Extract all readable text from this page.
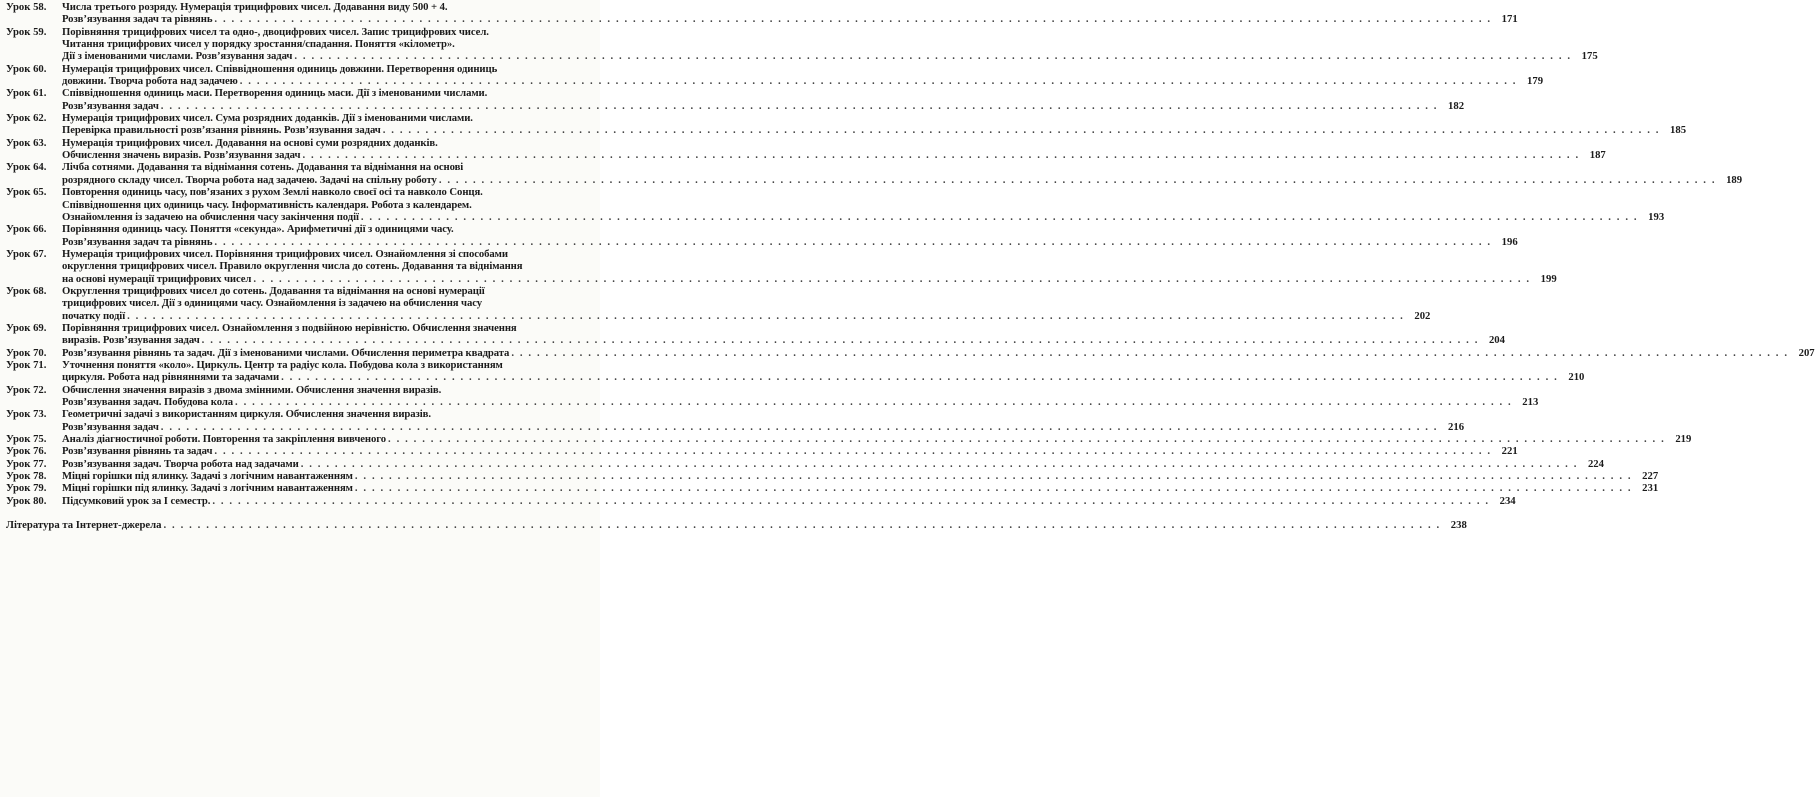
Урок 58.	Числа третього розряду. Нумерація трицифрових чисел. Додавання виду 500 + 4.
Розв’язування задач та рівнянь . . . . . . . . . . . . . . . . . . . . . . . . . . . . . . . . . . . . . . . . . . . . . . . . . . . . . . . . . . . . . . . . . . . . . . . . . . . . . . . . . . . . . . . . . . . . . . . . . . . . . . . . . . . . . . . . . . . . . . . . . . . . . . . . . . . . . . . . . . . . . . . . . . . . . . 171
Урок 59.	Порівняння трицифрових чисел та одно-, двоцифрових чисел. Запис трицифрових чисел.
Читання трицифрових чисел у порядку зростання/спадання. Поняття «кілометр».
Дії з іменованими числами. Розв’язування задач . . . . . . . . . . . . . . . . . . . . . . . . . . . . . . . . . . . . . . . . . . . . . . . . . . . . . . . . . . . . . . . . . . . . . . . . . . . . . . . . . . . . . . . . . . . . . . . . . . . . . . . . . . . . . . . . . . . . . . . . . . . . . . . . . . . . . . . . . . . . . . . . . . . . . . 175
Урок 60.	Нумерація трицифрових чисел. Співвідношення одиниць довжини. Перетворення одиниць
довжини. Творча робота над задачею . . . . . . . . . . . . . . . . . . . . . . . . . . . . . . . . . . . . . . . . . . . . . . . . . . . . . . . . . . . . . . . . . . . . . . . . . . . . . . . . . . . . . . . . . . . . . . . . . . . . . . . . . . . . . . . . . . . . . . . . . . . . . . . . . . . . . . . . . . . . . . . . . . . . . . 179
Урок 61.	Співвідношення одиниць маси. Перетворення одиниць маси. Дії з іменованими числами.
Розв’язування задач . . . . . . . . . . . . . . . . . . . . . . . . . . . . . . . . . . . . . . . . . . . . . . . . . . . . . . . . . . . . . . . . . . . . . . . . . . . . . . . . . . . . . . . . . . . . . . . . . . . . . . . . . . . . . . . . . . . . . . . . . . . . . . . . . . . . . . . . . . . . . . . . . . . . . . 182
Урок 62.	Нумерація трицифрових чисел. Сума розрядних доданків. Дії з іменованими числами.
Перевірка правильності розв’язання рівнянь. Розв’язування задач . . . . . . . . . . . . . . . . . . . . . . . . . . . . . . . . . . . . . . . . . . . . . . . . . . . . . . . . . . . . . . . . . . . . . . . . . . . . . . . . . . . . . . . . . . . . . . . . . . . . . . . . . . . . . . . . . . . . . . . . . . . . . . . . . . . . . . . . . . . . . . . . . . . . . . 185
Урок 63.	Нумерація трицифрових чисел. Додавання на основі суми розрядних доданків.
Обчислення значень виразів. Розв’язування задач . . . . . . . . . . . . . . . . . . . . . . . . . . . . . . . . . . . . . . . . . . . . . . . . . . . . . . . . . . . . . . . . . . . . . . . . . . . . . . . . . . . . . . . . . . . . . . . . . . . . . . . . . . . . . . . . . . . . . . . . . . . . . . . . . . . . . . . . . . . . . . . . . . . . . . 187
Урок 64.	Лічба сотнями. Додавання та віднімання сотень. Додавання та віднімання на основі
розрядного складу чисел. Творча робота над задачею. Задачі на спільну роботу . . . . . . . . . . . . . . . . . . . . . . . . . . . . . . . . . . . . . . . . . . . . . . . . . . . . . . . . . . . . . . . . . . . . . . . . . . . . . . . . . . . . . . . . . . . . . . . . . . . . . . . . . . . . . . . . . . . . . . . . . . . . . . . . . . . . . . . . . . . . . . . . . . . . . . 189
Урок 65.	Повторення одиниць часу, пов’язаних з рухом Землі навколо своєї осі та навколо Сонця.
Співвідношення цих одиниць часу. Інформативність календаря. Робота з календарем.
Ознайомлення із задачею на обчислення часу закінчення події . . . . . . . . . . . . . . . . . . . . . . . . . . . . . . . . . . . . . . . . . . . . . . . . . . . . . . . . . . . . . . . . . . . . . . . . . . . . . . . . . . . . . . . . . . . . . . . . . . . . . . . . . . . . . . . . . . . . . . . . . . . . . . . . . . . . . . . . . . . . . . . . . . . . . . 193
Урок 66.	Порівняння одиниць часу. Поняття «секунда». Арифметичні дії з одиницями часу.
Розв’язування задач та рівнянь . . . . . . . . . . . . . . . . . . . . . . . . . . . . . . . . . . . . . . . . . . . . . . . . . . . . . . . . . . . . . . . . . . . . . . . . . . . . . . . . . . . . . . . . . . . . . . . . . . . . . . . . . . . . . . . . . . . . . . . . . . . . . . . . . . . . . . . . . . . . . . . . . . . . . . 196
Урок 67.	Нумерація трицифрових чисел. Порівняння трицифрових чисел. Ознайомлення зі способами
округлення трицифрових чисел. Правило округлення числа до сотень. Додавання та віднімання
на основі нумерації трицифрових чисел . . . . . . . . . . . . . . . . . . . . . . . . . . . . . . . . . . . . . . . . . . . . . . . . . . . . . . . . . . . . . . . . . . . . . . . . . . . . . . . . . . . . . . . . . . . . . . . . . . . . . . . . . . . . . . . . . . . . . . . . . . . . . . . . . . . . . . . . . . . . . . . . . . . . . . 199
Урок 68.	Округлення трицифрових чисел до сотень. Додавання та віднімання на основі нумерації
трицифрових чисел. Дії з одиницями часу. Ознайомлення із задачею на обчислення часу
початку події . . . . . . . . . . . . . . . . . . . . . . . . . . . . . . . . . . . . . . . . . . . . . . . . . . . . . . . . . . . . . . . . . . . . . . . . . . . . . . . . . . . . . . . . . . . . . . . . . . . . . . . . . . . . . . . . . . . . . . . . . . . . . . . . . . . . . . . . . . . . . . . . . . . . . . 202
Урок 69.	Порівняння трицифрових чисел. Ознайомлення з подвійною нерівністю. Обчислення значення
виразів. Розв’язування задач . . . . . . . . . . . . . . . . . . . . . . . . . . . . . . . . . . . . . . . . . . . . . . . . . . . . . . . . . . . . . . . . . . . . . . . . . . . . . . . . . . . . . . . . . . . . . . . . . . . . . . . . . . . . . . . . . . . . . . . . . . . . . . . . . . . . . . . . . . . . . . . . . . . . . . 204
Урок 70.	Розв’язування рівнянь та задач. Дії з іменованими числами. Обчислення периметра квадрата . . . . . . . . . . . . . . . . . . . . . . . . . . . . . . . . . . . . . . . . . . . . . . . . . . . . . . . . . . . . . . . . . . . . . . . . . . . . . . . . . . . . . . . . . . . . . . . . . . . . . . . . . . . . . . . . . . . . . . . . . . . . . . . . . . . . . . . . . . . . . . . . . . . . . . 207
Урок 71.	Уточнення поняття «коло». Циркуль. Центр та радіус кола. Побудова кола з використанням
циркуля. Робота над рівняннями та задачами . . . . . . . . . . . . . . . . . . . . . . . . . . . . . . . . . . . . . . . . . . . . . . . . . . . . . . . . . . . . . . . . . . . . . . . . . . . . . . . . . . . . . . . . . . . . . . . . . . . . . . . . . . . . . . . . . . . . . . . . . . . . . . . . . . . . . . . . . . . . . . . . . . . . . . 210
Урок 72.	Обчислення значення виразів з двома змінними. Обчислення значення виразів.
Розв’язування задач. Побудова кола . . . . . . . . . . . . . . . . . . . . . . . . . . . . . . . . . . . . . . . . . . . . . . . . . . . . . . . . . . . . . . . . . . . . . . . . . . . . . . . . . . . . . . . . . . . . . . . . . . . . . . . . . . . . . . . . . . . . . . . . . . . . . . . . . . . . . . . . . . . . . . . . . . . . . . 213
Урок 73.	Геометричні задачі з використанням циркуля. Обчислення значення виразів.
Розв’язування задач . . . . . . . . . . . . . . . . . . . . . . . . . . . . . . . . . . . . . . . . . . . . . . . . . . . . . . . . . . . . . . . . . . . . . . . . . . . . . . . . . . . . . . . . . . . . . . . . . . . . . . . . . . . . . . . . . . . . . . . . . . . . . . . . . . . . . . . . . . . . . . . . . . . . . . 216
Урок 75.	Аналіз діагностичної роботи. Повторення та закріплення вивченого . . . . . . . . . . . . . . . . . . . . . . . . . . . . . . . . . . . . . . . . . . . . . . . . . . . . . . . . . . . . . . . . . . . . . . . . . . . . . . . . . . . . . . . . . . . . . . . . . . . . . . . . . . . . . . . . . . . . . . . . . . . . . . . . . . . . . . . . . . . . . . . . . . . . . . 219
Урок 76.	Розв’язування рівнянь та задач . . . . . . . . . . . . . . . . . . . . . . . . . . . . . . . . . . . . . . . . . . . . . . . . . . . . . . . . . . . . . . . . . . . . . . . . . . . . . . . . . . . . . . . . . . . . . . . . . . . . . . . . . . . . . . . . . . . . . . . . . . . . . . . . . . . . . . . . . . . . . . . . . . . . . . 221
Урок 77.	Розв’язування задач. Творча робота над задачами . . . . . . . . . . . . . . . . . . . . . . . . . . . . . . . . . . . . . . . . . . . . . . . . . . . . . . . . . . . . . . . . . . . . . . . . . . . . . . . . . . . . . . . . . . . . . . . . . . . . . . . . . . . . . . . . . . . . . . . . . . . . . . . . . . . . . . . . . . . . . . . . . . . . . . 224
Урок 78.	Міцні горішки під ялинку. Задачі з логічним навантаженням . . . . . . . . . . . . . . . . . . . . . . . . . . . . . . . . . . . . . . . . . . . . . . . . . . . . . . . . . . . . . . . . . . . . . . . . . . . . . . . . . . . . . . . . . . . . . . . . . . . . . . . . . . . . . . . . . . . . . . . . . . . . . . . . . . . . . . . . . . . . . . . . . . . . . . 227
Урок 79.	Міцні горішки під ялинку. Задачі з логічним навантаженням . . . . . . . . . . . . . . . . . . . . . . . . . . . . . . . . . . . . . . . . . . . . . . . . . . . . . . . . . . . . . . . . . . . . . . . . . . . . . . . . . . . . . . . . . . . . . . . . . . . . . . . . . . . . . . . . . . . . . . . . . . . . . . . . . . . . . . . . . . . . . . . . . . . . . . 231
Урок 80.	Підсумковий урок за І семестр. . . . . . . . . . . . . . . . . . . . . . . . . . . . . . . . . . . . . . . . . . . . . . . . . . . . . . . . . . . . . . . . . . . . . . . . . . . . . . . . . . . . . . . . . . . . . . . . . . . . . . . . . . . . . . . . . . . . . . . . . . . . . . . . . . . . . . . . . . . . . . . . . . . . . . . 234
Література та Інтернет-джерела . . . . . . . . . . . . . . . . . . . . . . . . . . . . . . . . . . . . . . . . . . . . . . . . . . . . . . . . . . . . . . . . . . . . . . . . . . . . . . . . . . . . . . . . . . . . . . . . . . . . . . . . . . . . . . . . . . . . . . . . . . . . . . . . . . . . . . . . . . . . . . . . . . . . . . 238
